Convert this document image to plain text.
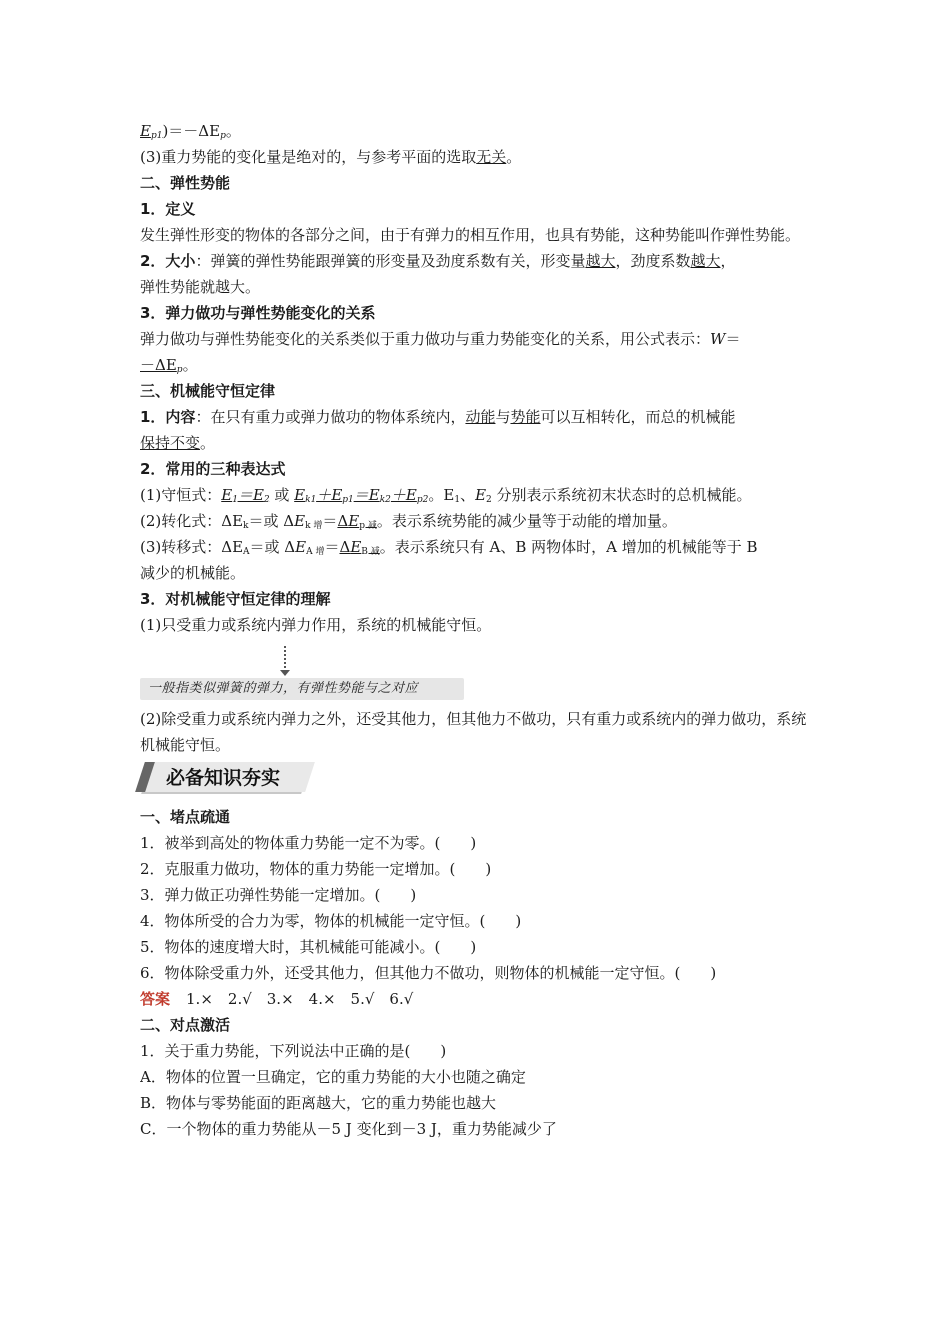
$E_{p1})=-\Delta E_p$。
(3)重力势能的变化量是绝对的，与参考平面的选取无关。
二、弹性势能
1．定义
发生弹性形变的物体的各部分之间，由于有弹力的相互作用，也具有势能，这种势能叫作弹性势能。
2．大小：弹簧的弹性势能跟弹簧的形变量及劲度系数有关，形变量越大，劲度系数越大，
弹性势能就越大。
3．弹力做功与弹性势能变化的关系
弹力做功与弹性势能变化的关系类似于重力做功与重力势能变化的关系，用公式表示：W＝
$-\Delta E_p$。
三、机械能守恒定律
1．内容：在只有重力或弹力做功的物体系统内，动能与势能可以互相转化，而总的机械能
保持不变。
2．常用的三种表达式
(1)守恒式：$E_1=E_2$ 或 $E_{k1}+E_{p1}=E_{k2}+E_{p2}$。$E_1$、$E_2$ 分别表示系统初末状态时的总机械能。
(2)转化式：$\Delta E_k=$或 $\Delta E_{k 增}=\Delta E_{p 减}$。表示系统势能的减少量等于动能的增加量。
(3)转移式：$\Delta E_A=$或 $\Delta E_{A 增}=\Delta E_{B 减}$。表示系统只有 A、B 两物体时，A 增加的机械能等于 B
减少的机械能。
3．对机械能守恒定律的理解
(1)只受重力或系统内弹力作用，系统的机械能守恒。
一般指类似弹簧的弹力，有弹性势能与之对应
(2)除受重力或系统内弹力之外，还受其他力，但其他力不做功，只有重力或系统内的弹力做功，系统机械能守恒。
必备知识夯实
一、堵点疏通
1．被举到高处的物体重力势能一定不为零。(　　)
2．克服重力做功，物体的重力势能一定增加。(　　)
3．弹力做正功弹性势能一定增加。(　　)
4．物体所受的合力为零，物体的机械能一定守恒。(　　)
5．物体的速度增大时，其机械能可能减小。(　　)
6．物体除受重力外，还受其他力，但其他力不做功，则物体的机械能一定守恒。(　　)
答案 1.×　2.√　3.×　4.×　5.√　6.√
二、对点激活
1．关于重力势能，下列说法中正确的是(　　)
A．物体的位置一旦确定，它的重力势能的大小也随之确定
B．物体与零势能面的距离越大，它的重力势能也越大
C．一个物体的重力势能从－5 J 变化到－3 J，重力势能减少了
